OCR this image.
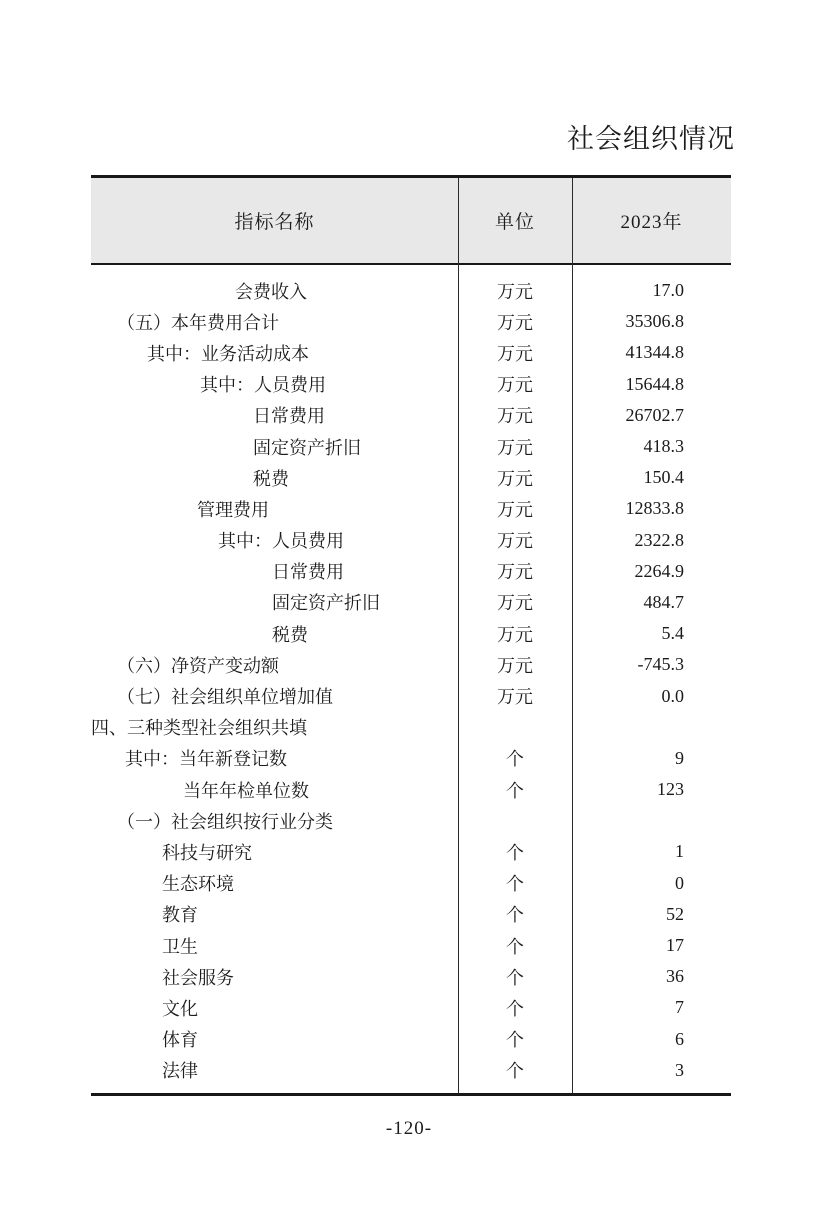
社会组织情况
指标名称	单位	2023年
会费收入	万元	17.0
（五）本年费用合计	万元	35306.8
其中：业务活动成本	万元	41344.8
其中：人员费用	万元	15644.8
日常费用	万元	26702.7
固定资产折旧	万元	418.3
税费	万元	150.4
管理费用	万元	12833.8
其中：人员费用	万元	2322.8
日常费用	万元	2264.9
固定资产折旧	万元	484.7
税费	万元	5.4
（六）净资产变动额	万元	-745.3
（七）社会组织单位增加值	万元	0.0
四、三种类型社会组织共填
其中：当年新登记数	个	9
当年年检单位数	个	123
（一）社会组织按行业分类
科技与研究	个	1
生态环境	个	0
教育	个	52
卫生	个	17
社会服务	个	36
文化	个	7
体育	个	6
法律	个	3
-120-
